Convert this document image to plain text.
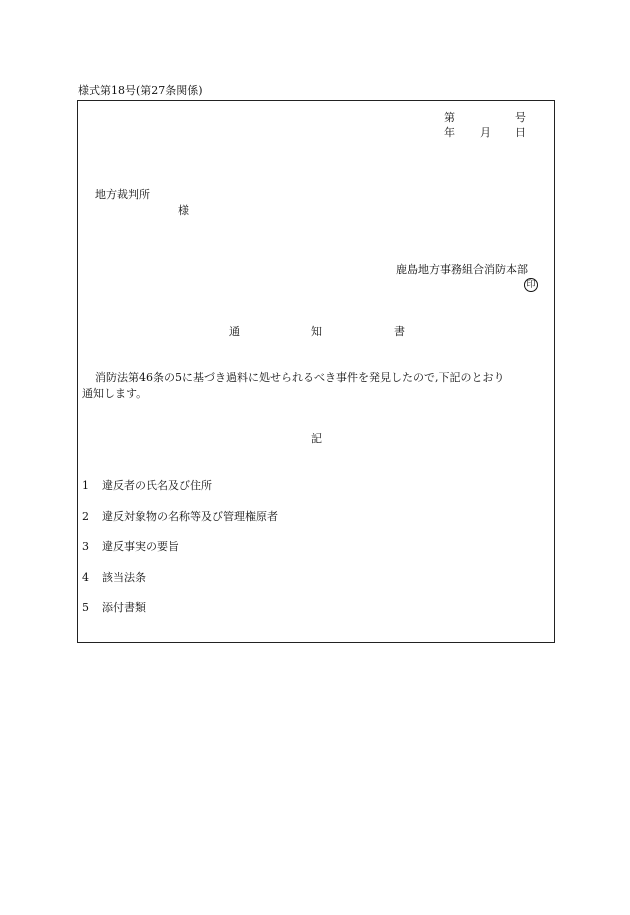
様式第18号(第27条関係)
第	号
年 月 日
地方裁判所
様
鹿島地方事務組合消防本部
印
通	知	書
消防法第46条の5に基づき過料に処せられるべき事件を発見したので,下記のとおり
通知します。
記
1 違反者の氏名及び住所
2 違反対象物の名称等及び管理権原者
3 違反事実の要旨
4 該当法条
5 添付書類
